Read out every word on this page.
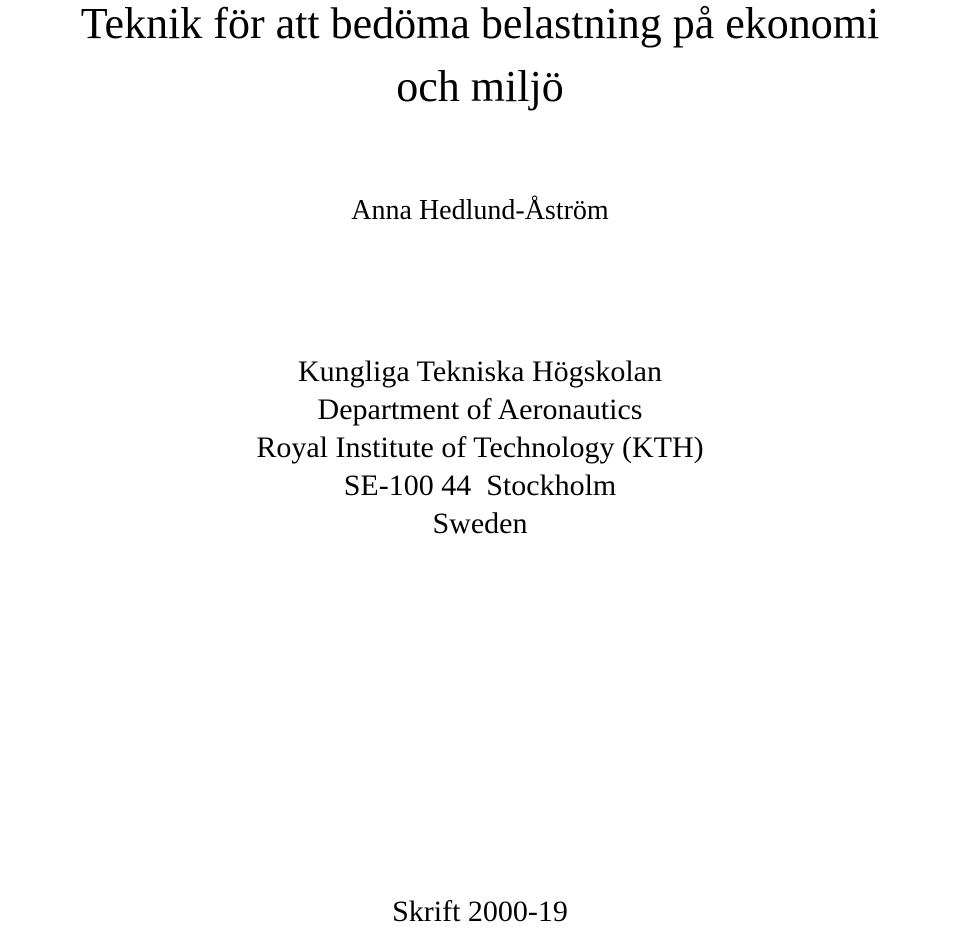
Teknik för att bedöma belastning på ekonomi
och miljö
Anna Hedlund-Åström
Kungliga Tekniska Högskolan
Department of Aeronautics
Royal Institute of Technology (KTH)
SE-100 44  Stockholm
Sweden
Skrift 2000-19
